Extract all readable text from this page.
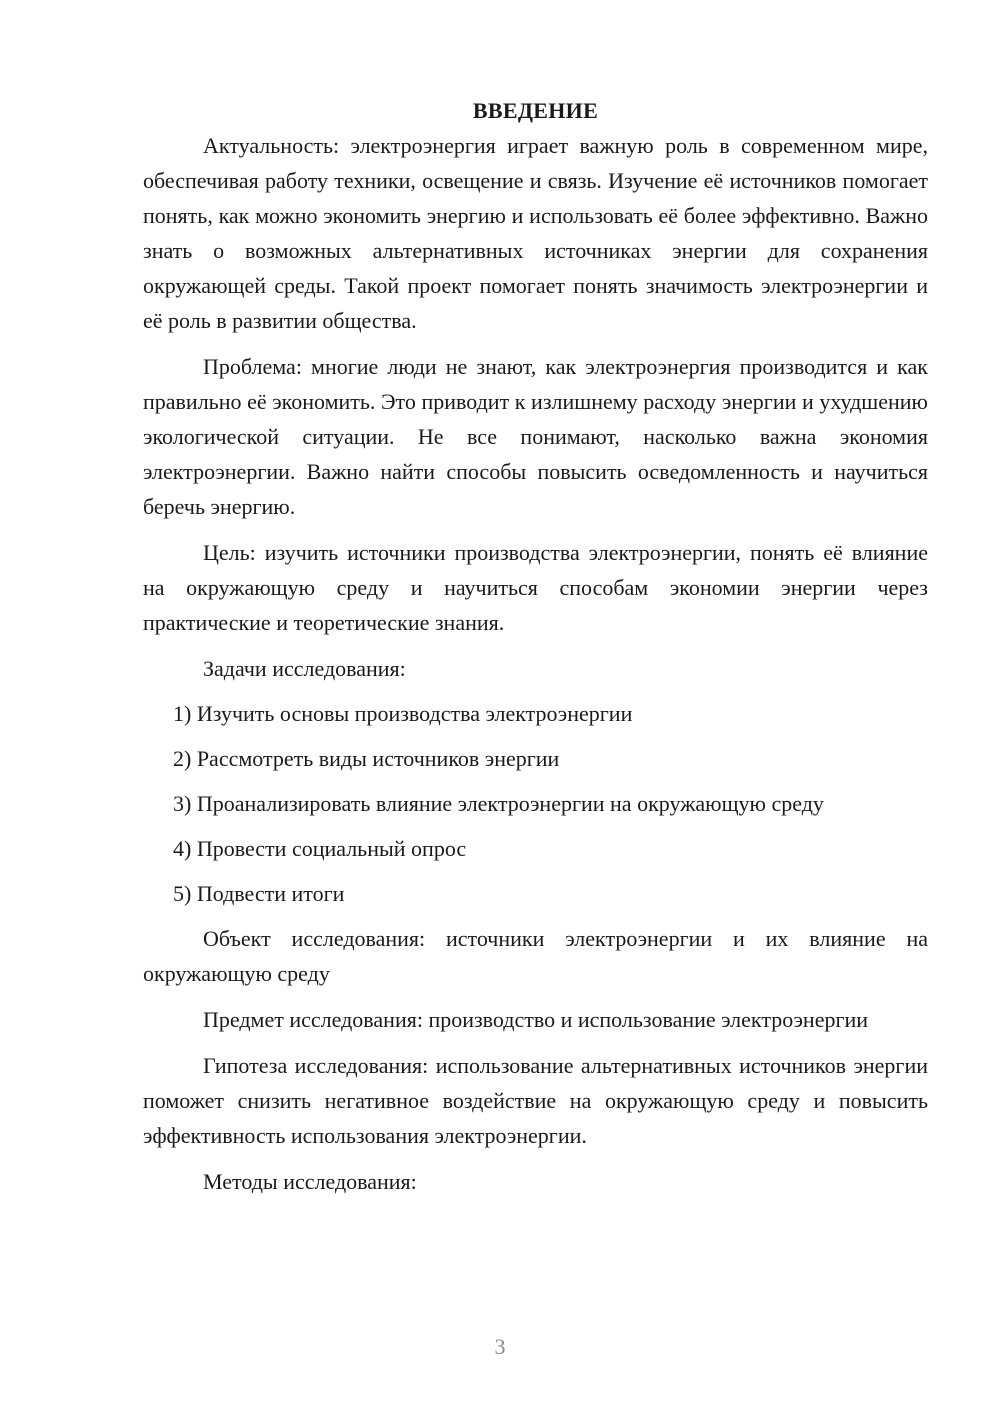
ВВЕДЕНИЕ

Актуальность: электроэнергия играет важную роль в современном мире, обеспечивая работу техники, освещение и связь. Изучение её источников помогает понять, как можно экономить энергию и использовать её более эффективно. Важно знать о возможных альтернативных источниках энергии для сохранения окружающей среды. Такой проект помогает понять значимость электроэнергии и её роль в развитии общества.

Проблема: многие люди не знают, как электроэнергия производится и как правильно её экономить. Это приводит к излишнему расходу энергии и ухудшению экологической ситуации. Не все понимают, насколько важна экономия электроэнергии. Важно найти способы повысить осведомленность и научиться беречь энергию.

Цель: изучить источники производства электроэнергии, понять её влияние на окружающую среду и научиться способам экономии энергии через практические и теоретические знания.

Задачи исследования:

1) Изучить основы производства электроэнергии

2) Рассмотреть виды источников энергии

3) Проанализировать влияние электроэнергии на окружающую среду

4) Провести социальный опрос

5) Подвести итоги

Объект исследования: источники электроэнергии и их влияние на окружающую среду

Предмет исследования: производство и использование электроэнергии

Гипотеза исследования: использование альтернативных источников энергии поможет снизить негативное воздействие на окружающую среду и повысить эффективность использования электроэнергии.

Методы исследования:

3
